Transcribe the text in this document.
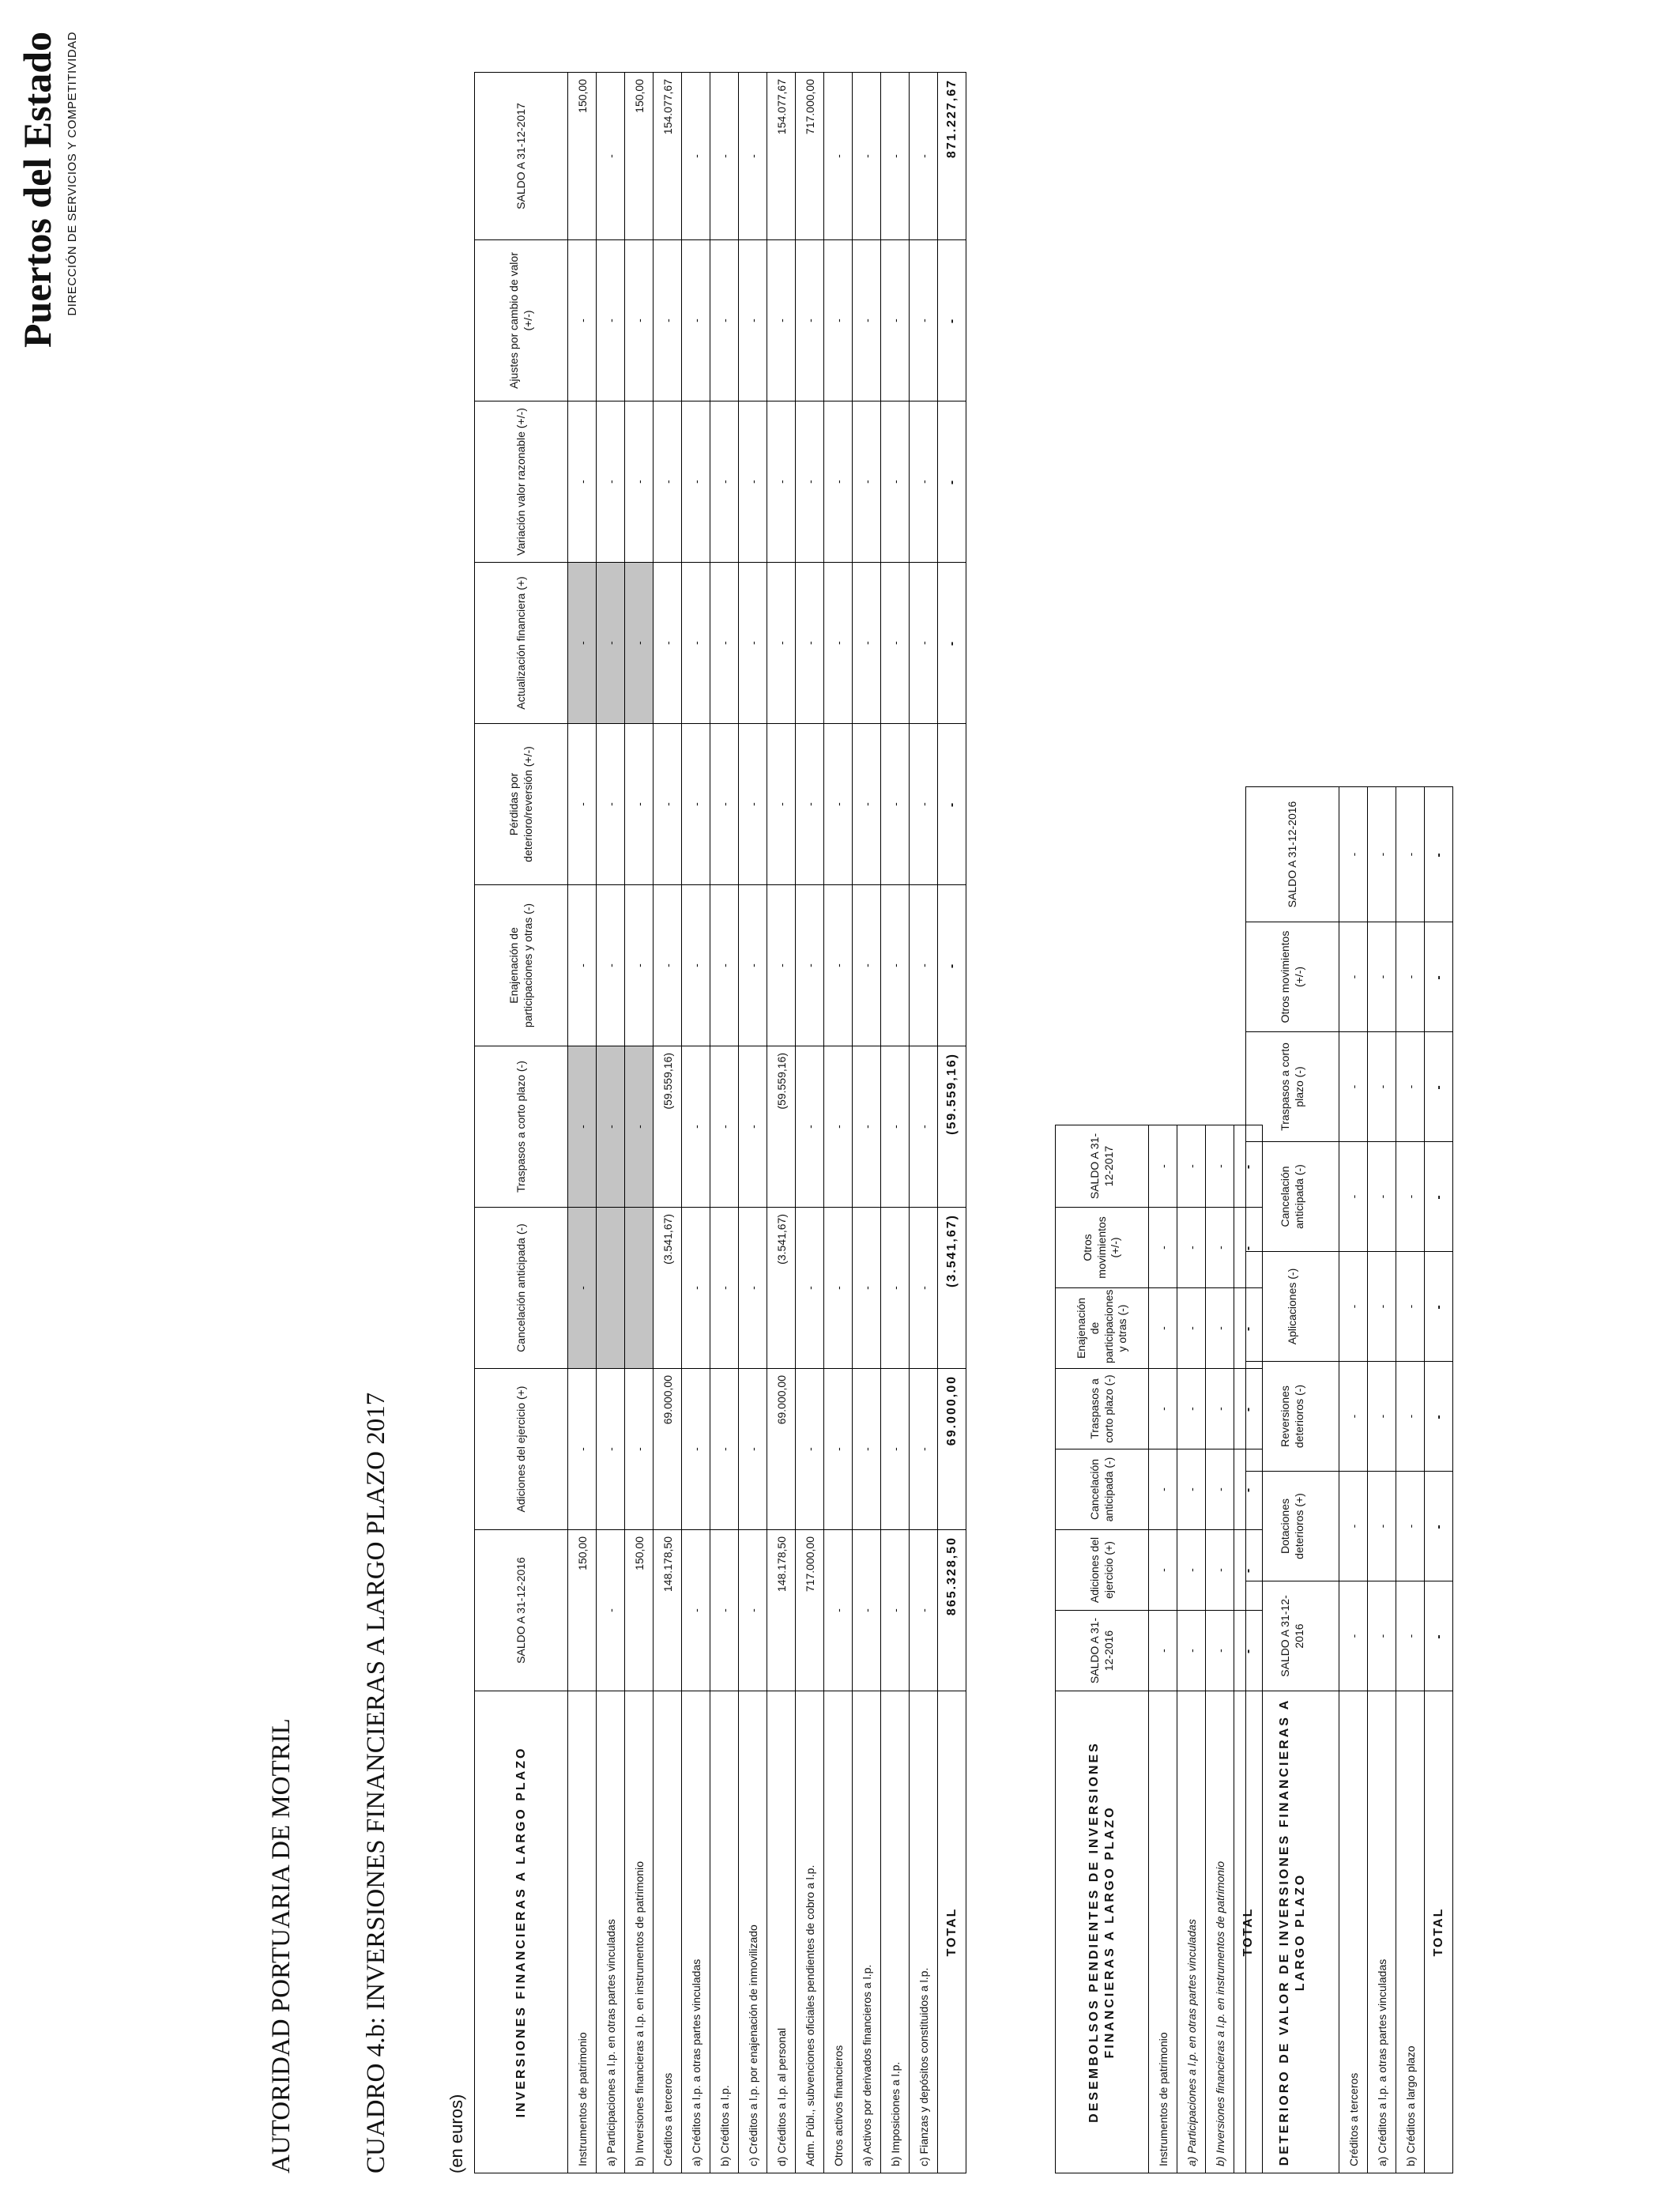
AUTORIDAD PORTUARIA DE MOTRIL	CUADRO 4.b: INVERSIONES FINANCIERAS A LARGO PLAZO 2017	(en euros)
Puertos del Estado DIRECCIÓN DE SERVICIOS Y COMPETITIVIDAD
INVERSIONES FINANCIERAS A LARGO PLAZO	SALDO A 31-12-2016	Adiciones del ejercicio (+)	Cancelación anticipada (-)	Traspasos a corto plazo (-)	Enajenación de participaciones y otras (-)	Pérdidas por deterioro/reversión (+/-)	Actualización financiera (+)	Variación valor razonable (+/-)	Ajustes por cambio de valor (+/-)	SALDO A 31-12-2017
Instrumentos de patrimonio	150,00	-	-	-	-	-	-	-	-	150,00
a) Participaciones a l.p. en otras partes vinculadas	-	-		-	-	-	-	-	-	-
b) Inversiones financieras a l.p. en instrumentos de patrimonio	150,00	-		-	-	-	-	-	-	150,00
Créditos a terceros	148.178,50	69.000,00	(3.541,67)	(59.559,16)	-	-	-	-	-	154.077,67
a) Créditos a l.p. a otras partes vinculadas	-	-	-	-	-	-	-	-	-	-
b) Créditos a l.p.	-	-	-	-	-	-	-	-	-	-
c) Créditos a l.p. por enajenación de inmovilizado	-	-	-	-	-	-	-	-	-	-
d) Créditos a l.p. al personal	148.178,50	69.000,00	(3.541,67)	(59.559,16)	-	-	-	-	-	154.077,67
Adm. Públ., subvenciones oficiales pendientes de cobro a l.p.	717.000,00	-	-	-	-	-	-	-	-	717.000,00
Otros activos financieros	-	-	-	-	-	-	-	-	-	-
a) Activos por derivados financieros a l.p.	-	-	-	-	-	-	-	-	-	-
b) Imposiciones a l.p.	-	-	-	-	-	-	-	-	-	-
c) Fianzas y depósitos constituidos a l.p.	-	-	-	-	-	-	-	-	-	-
TOTAL	865.328,50	69.000,00	(3.541,67)	(59.559,16)	-	-	-	-	-	871.227,67
DESEMBOLSOS PENDIENTES DE INVERSIONES FINANCIERAS A LARGO PLAZO	SALDO A 31-12-2016	Adiciones del ejercicio (+)	Cancelación anticipada (-)	Traspasos a corto plazo (-)	Enajenación de participaciones y otras (-)	Otros movimientos (+/-)	SALDO A 31-12-2017
Instrumentos de patrimonio	-	-	-	-	-	-	-
a) Participaciones a l.p. en otras partes vinculadas	-	-	-	-	-	-	-
b) Inversiones financieras a l.p. en instrumentos de patrimonio	-	-	-	-	-	-	-
TOTAL	-	-	-	-	-	-	-
DETERIORO DE VALOR DE INVERSIONES FINANCIERAS A LARGO PLAZO	SALDO A 31-12-2016	Dotaciones deterioros (+)	Reversiones deterioros (-)	Aplicaciones (-)	Cancelación anticipada (-)	Traspasos a corto plazo (-)	Otros movimientos (+/-)	SALDO A 31-12-2016
Créditos a terceros	-	-	-	-	-	-	-	-
a) Créditos a l.p. a otras partes vinculadas	-	-	-	-	-	-	-	-
b) Créditos a largo plazo	-	-	-	-	-	-	-	-
TOTAL	-	-	-	-	-	-	-	-
